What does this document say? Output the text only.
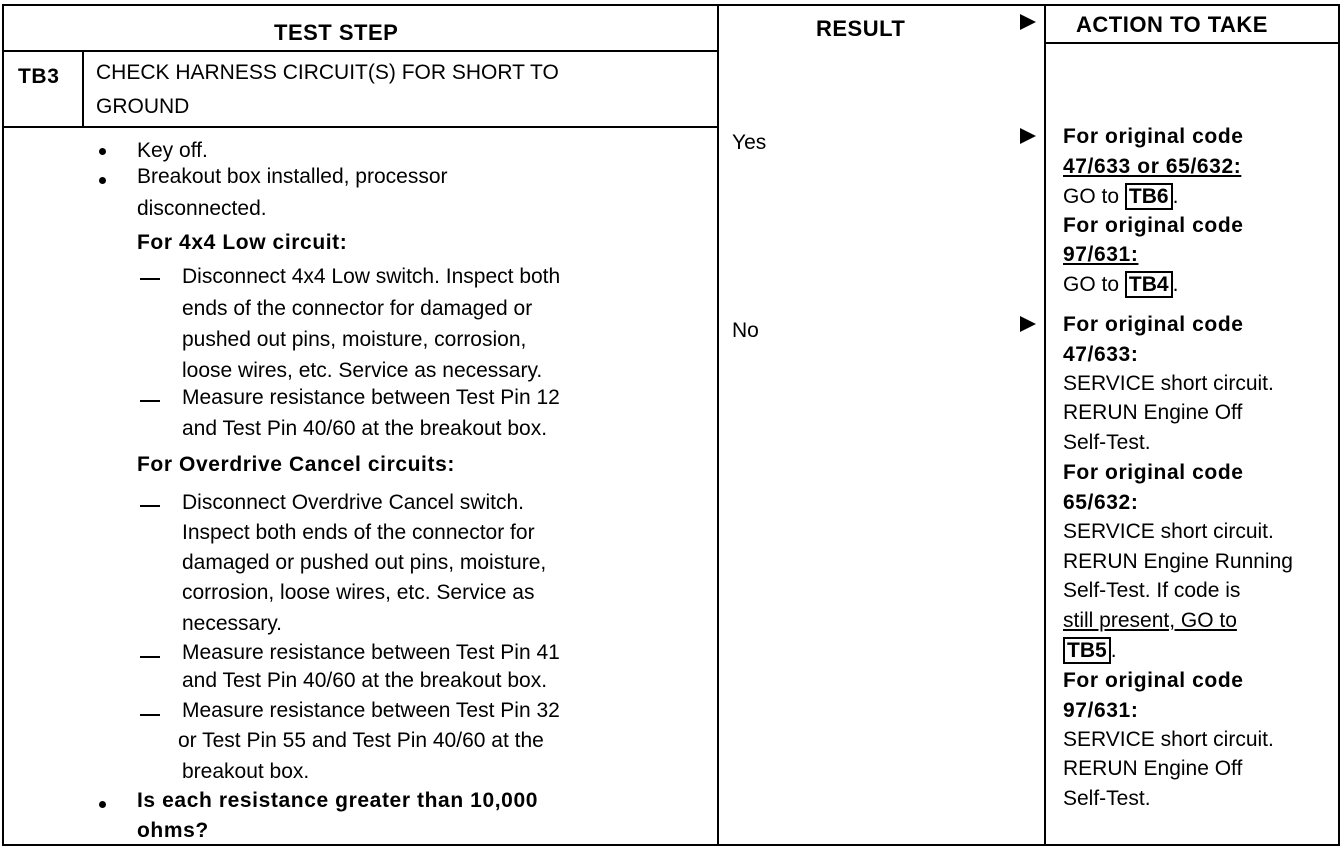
TEST STEP	RESULT	ACTION TO TAKE
TB3 CHECK HARNESS CIRCUIT(S) FOR SHORT TO
GROUND
Key off.
Breakout box installed, processor
disconnected.
For 4x4 Low circuit:
Disconnect 4x4 Low switch. Inspect both
ends of the connector for damaged or
pushed out pins, moisture, corrosion,
loose wires, etc. Service as necessary.
Measure resistance between Test Pin 12
and Test Pin 40/60 at the breakout box.
For Overdrive Cancel circuits:
Disconnect Overdrive Cancel switch.
Inspect both ends of the connector for
damaged or pushed out pins, moisture,
corrosion, loose wires, etc. Service as
necessary.
Measure resistance between Test Pin 41
and Test Pin 40/60 at the breakout box.
Measure resistance between Test Pin 32
or Test Pin 55 and Test Pin 40/60 at the
breakout box.
Is each resistance greater than 10,000
ohms?
Yes
No
For original code
47/633 or 65/632:
GO to TB6 .
For original code
97/631:
GO to TB4 .
For original code
47/633:
SERVICE short circuit.
RERUN Engine Off
Self-Test.
For original code
65/632:
SERVICE short circuit.
RERUN Engine Running
Self-Test. If code is
still present, GO to
TB5 .
For original code
97/631:
SERVICE short circuit.
RERUN Engine Off
Self-Test.
